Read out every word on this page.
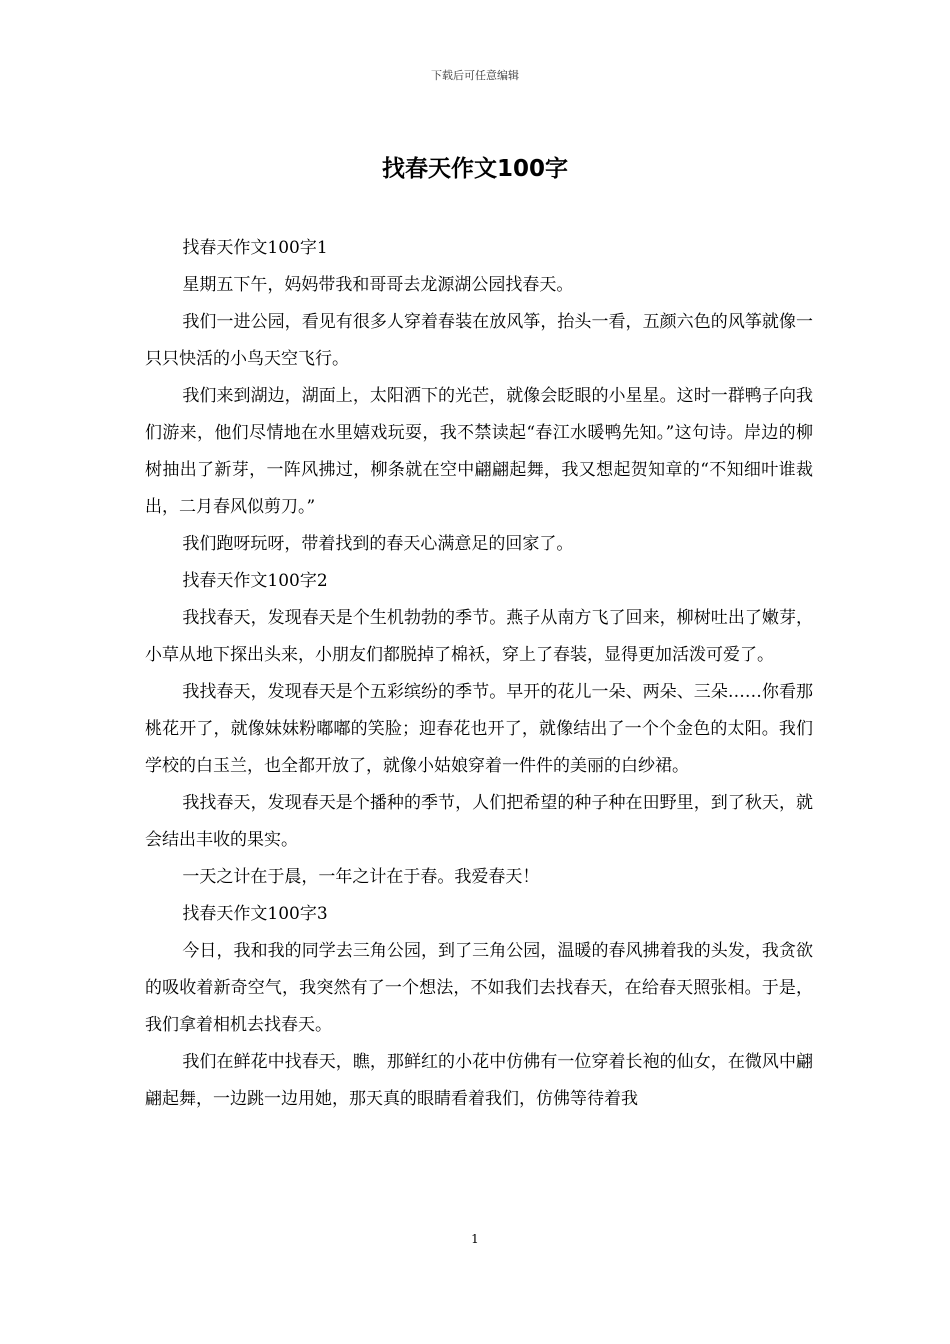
下载后可任意编辑
找春天作文100字

找春天作文100字1

星期五下午，妈妈带我和哥哥去龙源湖公园找春天。

我们一进公园，看见有很多人穿着春装在放风筝，抬头一看，五颜六色的风筝就像一只只快活的小鸟天空飞行。

我们来到湖边，湖面上，太阳洒下的光芒，就像会眨眼的小星星。这时一群鸭子向我们游来，他们尽情地在水里嬉戏玩耍，我不禁读起“春江水暖鸭先知。”这句诗。岸边的柳树抽出了新芽，一阵风拂过，柳条就在空中翩翩起舞，我又想起贺知章的“不知细叶谁裁出，二月春风似剪刀。”

我们跑呀玩呀，带着找到的春天心满意足的回家了。

找春天作文100字2

我找春天，发现春天是个生机勃勃的季节。燕子从南方飞了回来，柳树吐出了嫩芽，小草从地下探出头来，小朋友们都脱掉了棉袄，穿上了春装，显得更加活泼可爱了。

我找春天，发现春天是个五彩缤纷的季节。早开的花儿一朵、两朵、三朵……你看那桃花开了，就像妹妹粉嘟嘟的笑脸；迎春花也开了，就像结出了一个个金色的太阳。我们学校的白玉兰，也全都开放了，就像小姑娘穿着一件件的美丽的白纱裙。

我找春天，发现春天是个播种的季节，人们把希望的种子种在田野里，到了秋天，就会结出丰收的果实。

一天之计在于晨，一年之计在于春。我爱春天！

找春天作文100字3

今日，我和我的同学去三角公园，到了三角公园，温暖的春风拂着我的头发，我贪欲的吸收着新奇空气，我突然有了一个想法，不如我们去找春天，在给春天照张相。于是，我们拿着相机去找春天。

我们在鲜花中找春天，瞧，那鲜红的小花中仿佛有一位穿着长袍的仙女，在微风中翩翩起舞，一边跳一边用她，那天真的眼睛看着我们，仿佛等待着我

1
